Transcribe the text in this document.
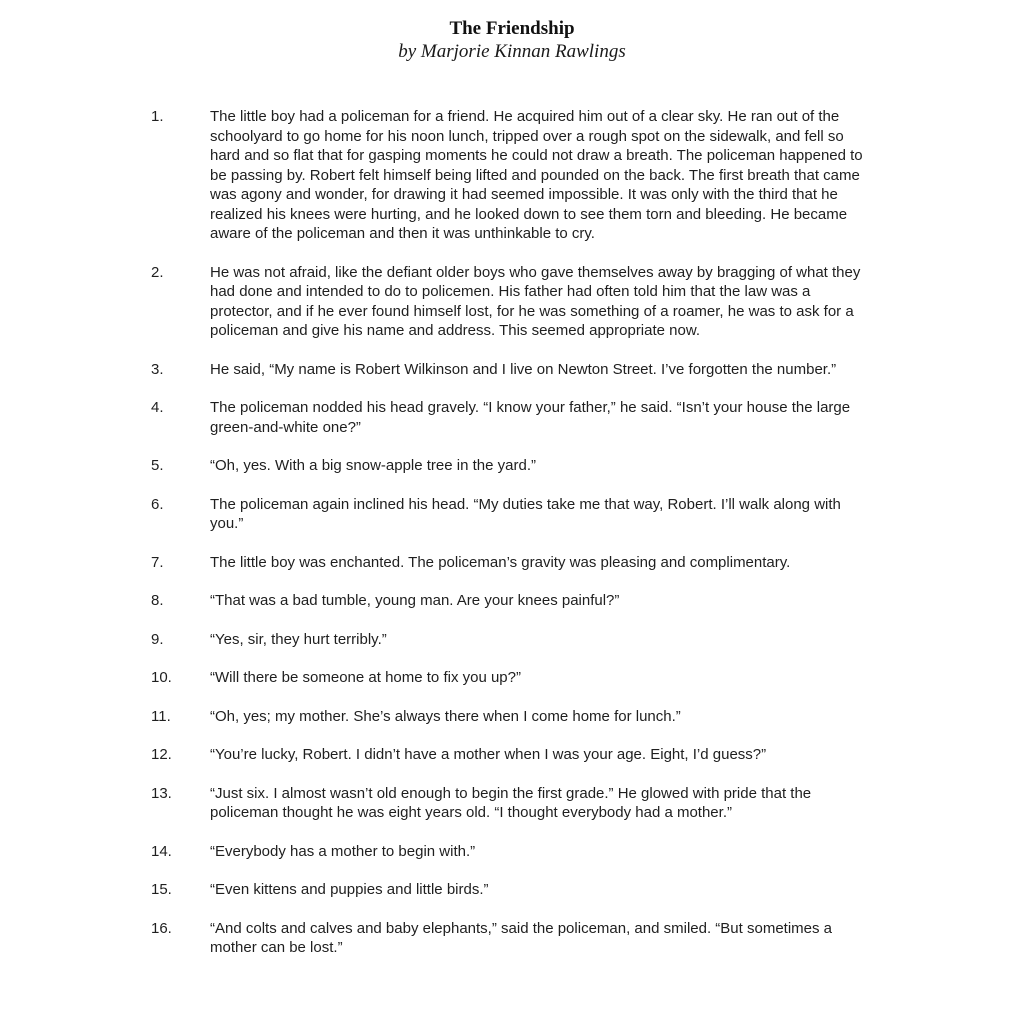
The Friendship
by Marjorie Kinnan Rawlings
1.	The little boy had a policeman for a friend. He acquired him out of a clear sky. He ran out of the schoolyard to go home for his noon lunch, tripped over a rough spot on the sidewalk, and fell so hard and so flat that for gasping moments he could not draw a breath. The policeman happened to be passing by. Robert felt himself being lifted and pounded on the back. The first breath that came was agony and wonder, for drawing it had seemed impossible. It was only with the third that he realized his knees were hurting, and he looked down to see them torn and bleeding. He became aware of the policeman and then it was unthinkable to cry.
2.	He was not afraid, like the defiant older boys who gave themselves away by bragging of what they had done and intended to do to policemen. His father had often told him that the law was a protector, and if he ever found himself lost, for he was something of a roamer, he was to ask for a policeman and give his name and address. This seemed appropriate now.
3.	He said, “My name is Robert Wilkinson and I live on Newton Street. I’ve forgotten the number.”
4.	The policeman nodded his head gravely. “I know your father,” he said. “Isn’t your house the large green-and-white one?”
5.	“Oh, yes. With a big snow-apple tree in the yard.”
6.	The policeman again inclined his head. “My duties take me that way, Robert. I’ll walk along with you.”
7.	The little boy was enchanted. The policeman’s gravity was pleasing and complimentary.
8.	“That was a bad tumble, young man. Are your knees painful?”
9.	“Yes, sir, they hurt terribly.”
10.	“Will there be someone at home to fix you up?”
11.	“Oh, yes; my mother. She’s always there when I come home for lunch.”
12.	“You’re lucky, Robert. I didn’t have a mother when I was your age. Eight, I’d guess?”
13.	“Just six. I almost wasn’t old enough to begin the first grade.” He glowed with pride that the policeman thought he was eight years old. “I thought everybody had a mother.”
14.	“Everybody has a mother to begin with.”
15.	“Even kittens and puppies and little birds.”
16.	“And colts and calves and baby elephants,” said the policeman, and smiled. “But sometimes a mother can be lost.”
